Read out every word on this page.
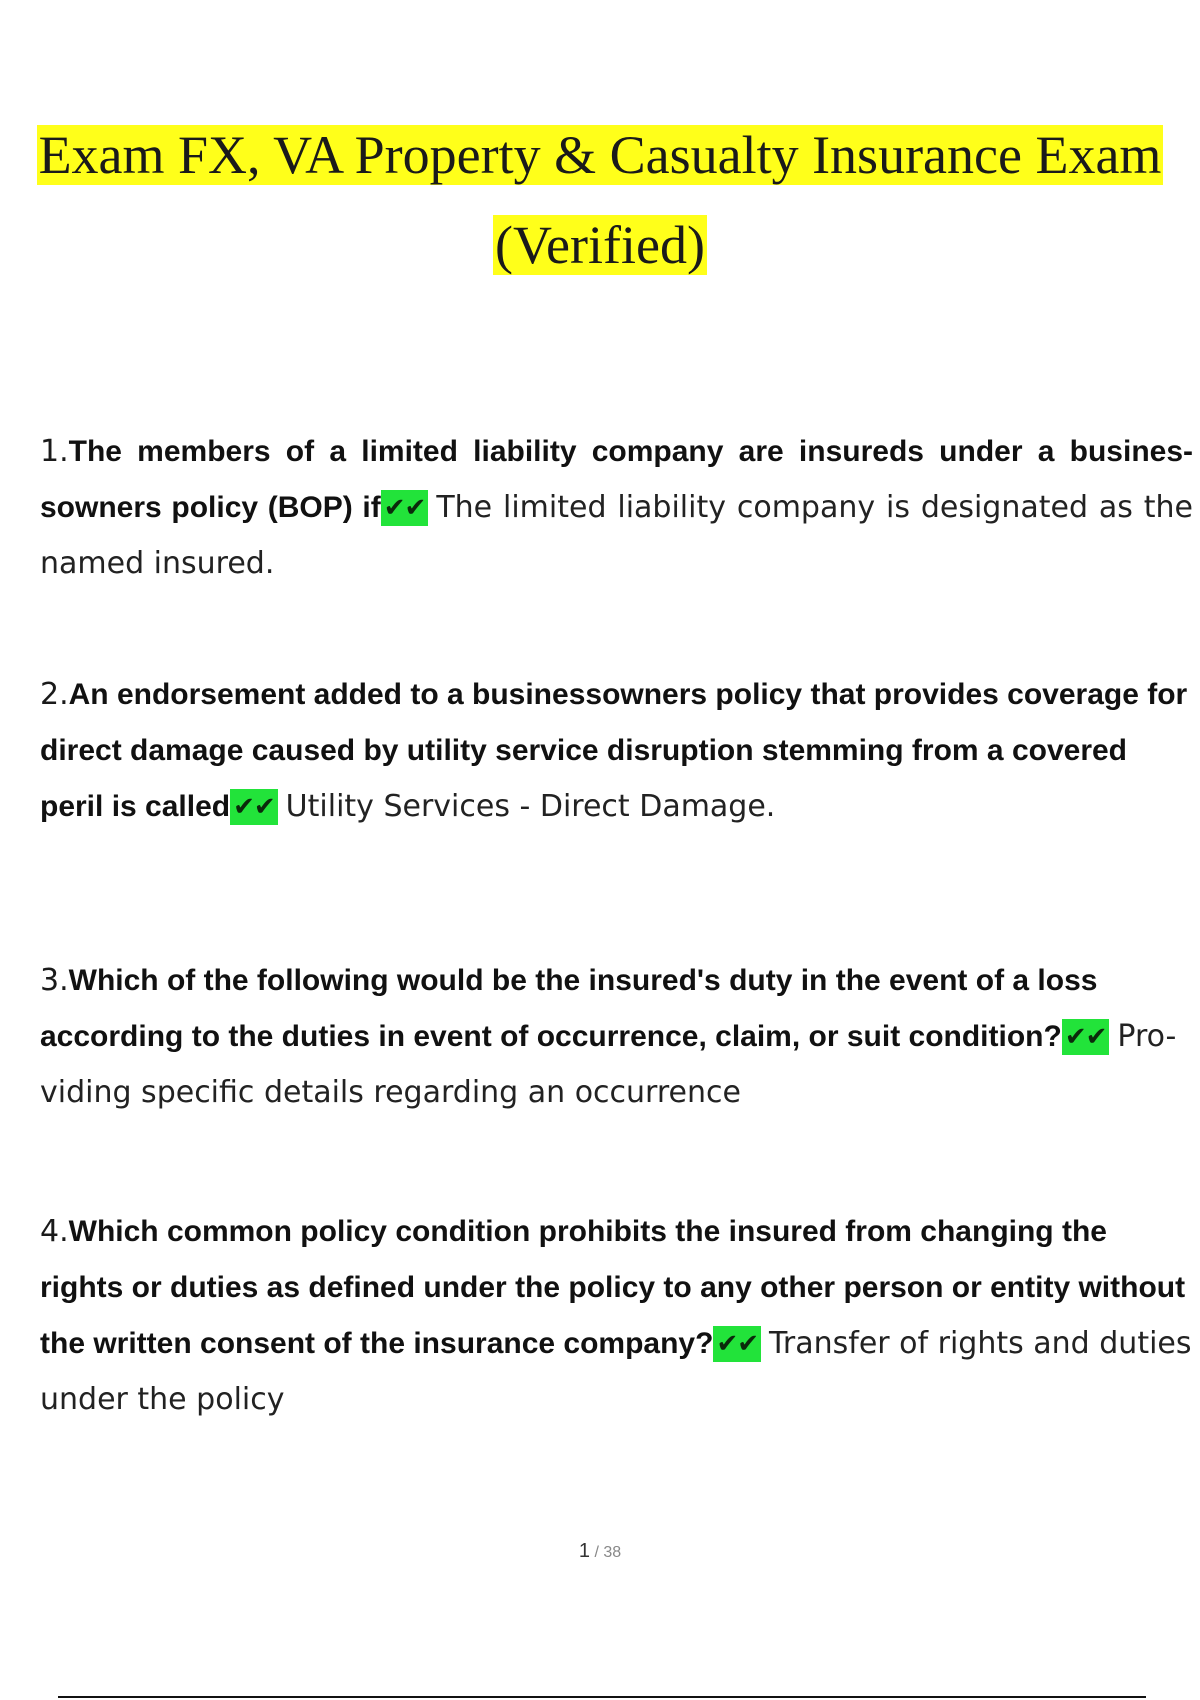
Exam FX, VA Property & Casualty Insurance Exam
(Verified)
1.The members of a limited liability company are insureds under a busines- sowners policy (BOP) if ✔✔ The limited liability company is designated as the named insured.
2.An endorsement added to a businessowners policy that provides coverage for direct damage caused by utility service disruption stemming from a covered peril is called ✔✔ Utility Services - Direct Damage.
3.Which of the following would be the insured's duty in the event of a loss according to the duties in event of occurrence, claim, or suit condition? ✔✔ Pro- viding specific details regarding an occurrence
4.Which common policy condition prohibits the insured from changing the rights or duties as defined under the policy to any other person or entity without the written consent of the insurance company? ✔✔ Transfer of rights and duties under the policy
1 / 38
